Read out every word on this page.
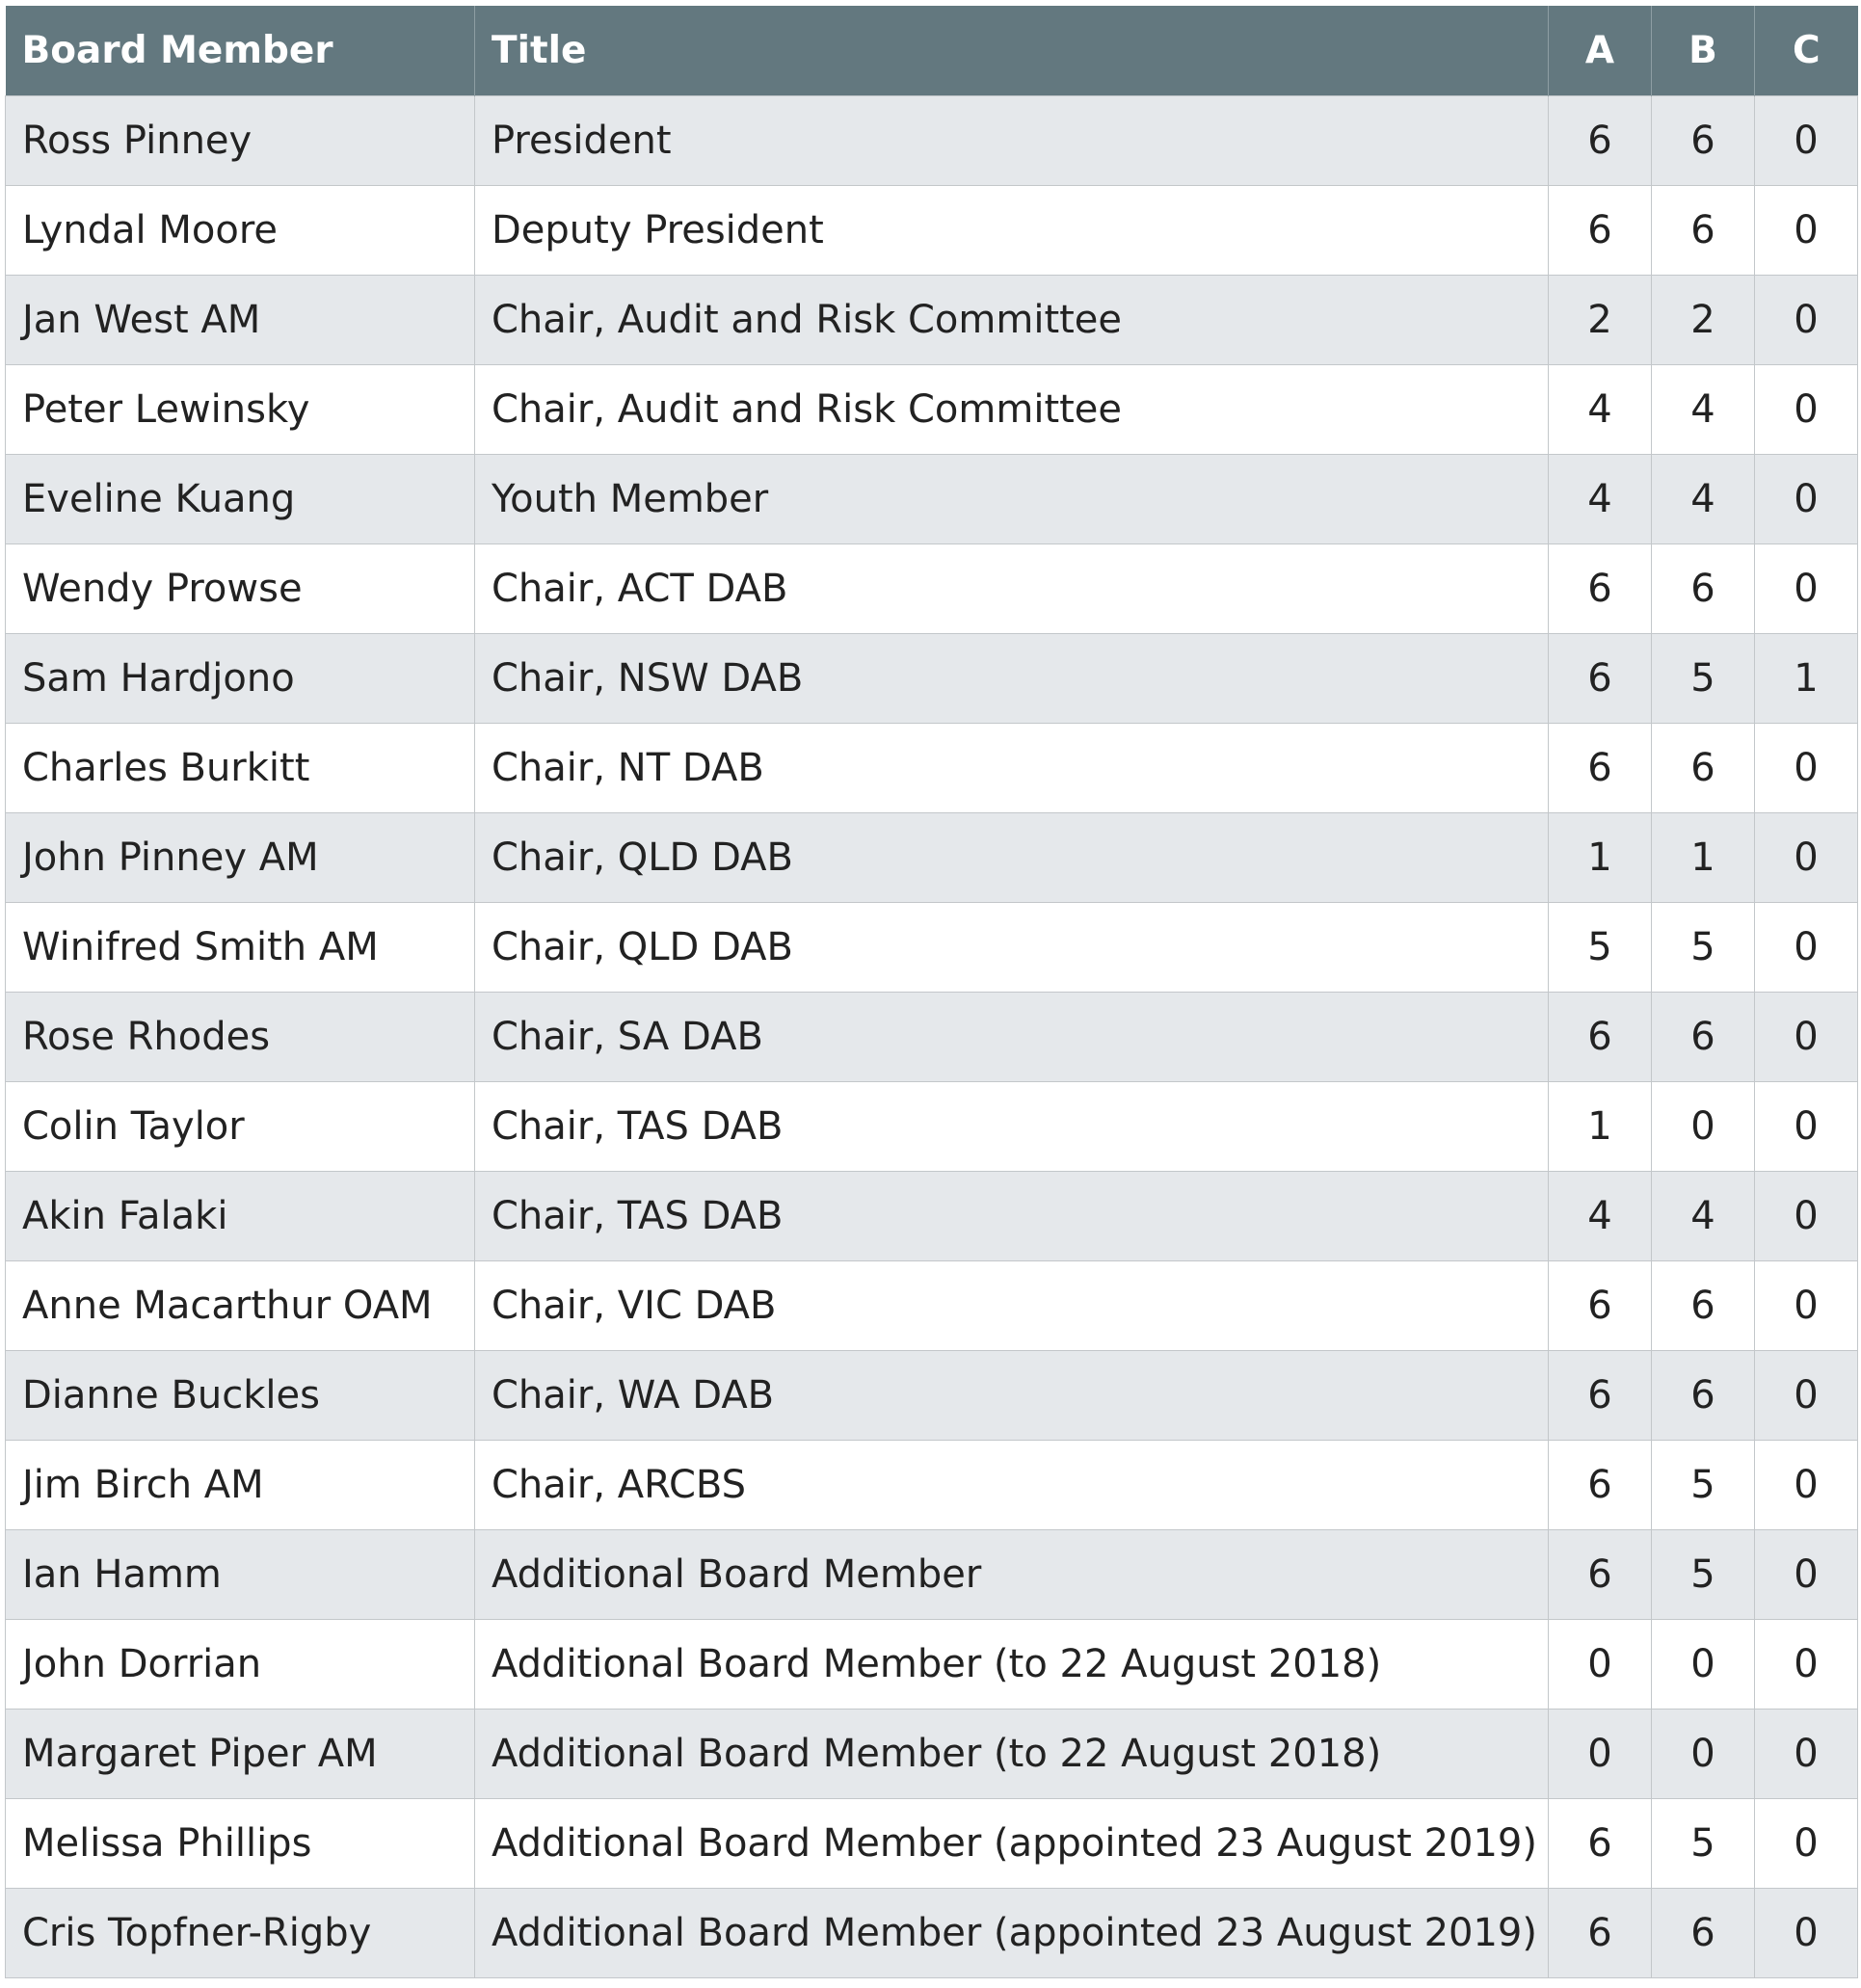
Board Member	Title	A	B	C
Ross Pinney	President	6	6	0
Lyndal Moore	Deputy President	6	6	0
Jan West AM	Chair, Audit and Risk Committee	2	2	0
Peter Lewinsky	Chair, Audit and Risk Committee	4	4	0
Eveline Kuang	Youth Member	4	4	0
Wendy Prowse	Chair, ACT DAB	6	6	0
Sam Hardjono	Chair, NSW DAB	6	5	1
Charles Burkitt	Chair, NT DAB	6	6	0
John Pinney AM	Chair, QLD DAB	1	1	0
Winifred Smith AM	Chair, QLD DAB	5	5	0
Rose Rhodes	Chair, SA DAB	6	6	0
Colin Taylor	Chair, TAS DAB	1	0	0
Akin Falaki	Chair, TAS DAB	4	4	0
Anne Macarthur OAM	Chair, VIC DAB	6	6	0
Dianne Buckles	Chair, WA DAB	6	6	0
Jim Birch AM	Chair, ARCBS	6	5	0
Ian Hamm	Additional Board Member	6	5	0
John Dorrian	Additional Board Member (to 22 August 2018)	0	0	0
Margaret Piper AM	Additional Board Member (to 22 August 2018)	0	0	0
Melissa Phillips	Additional Board Member (appointed 23 August 2019)	6	5	0
Cris Topfner-Rigby	Additional Board Member (appointed 23 August 2019)	6	6	0
